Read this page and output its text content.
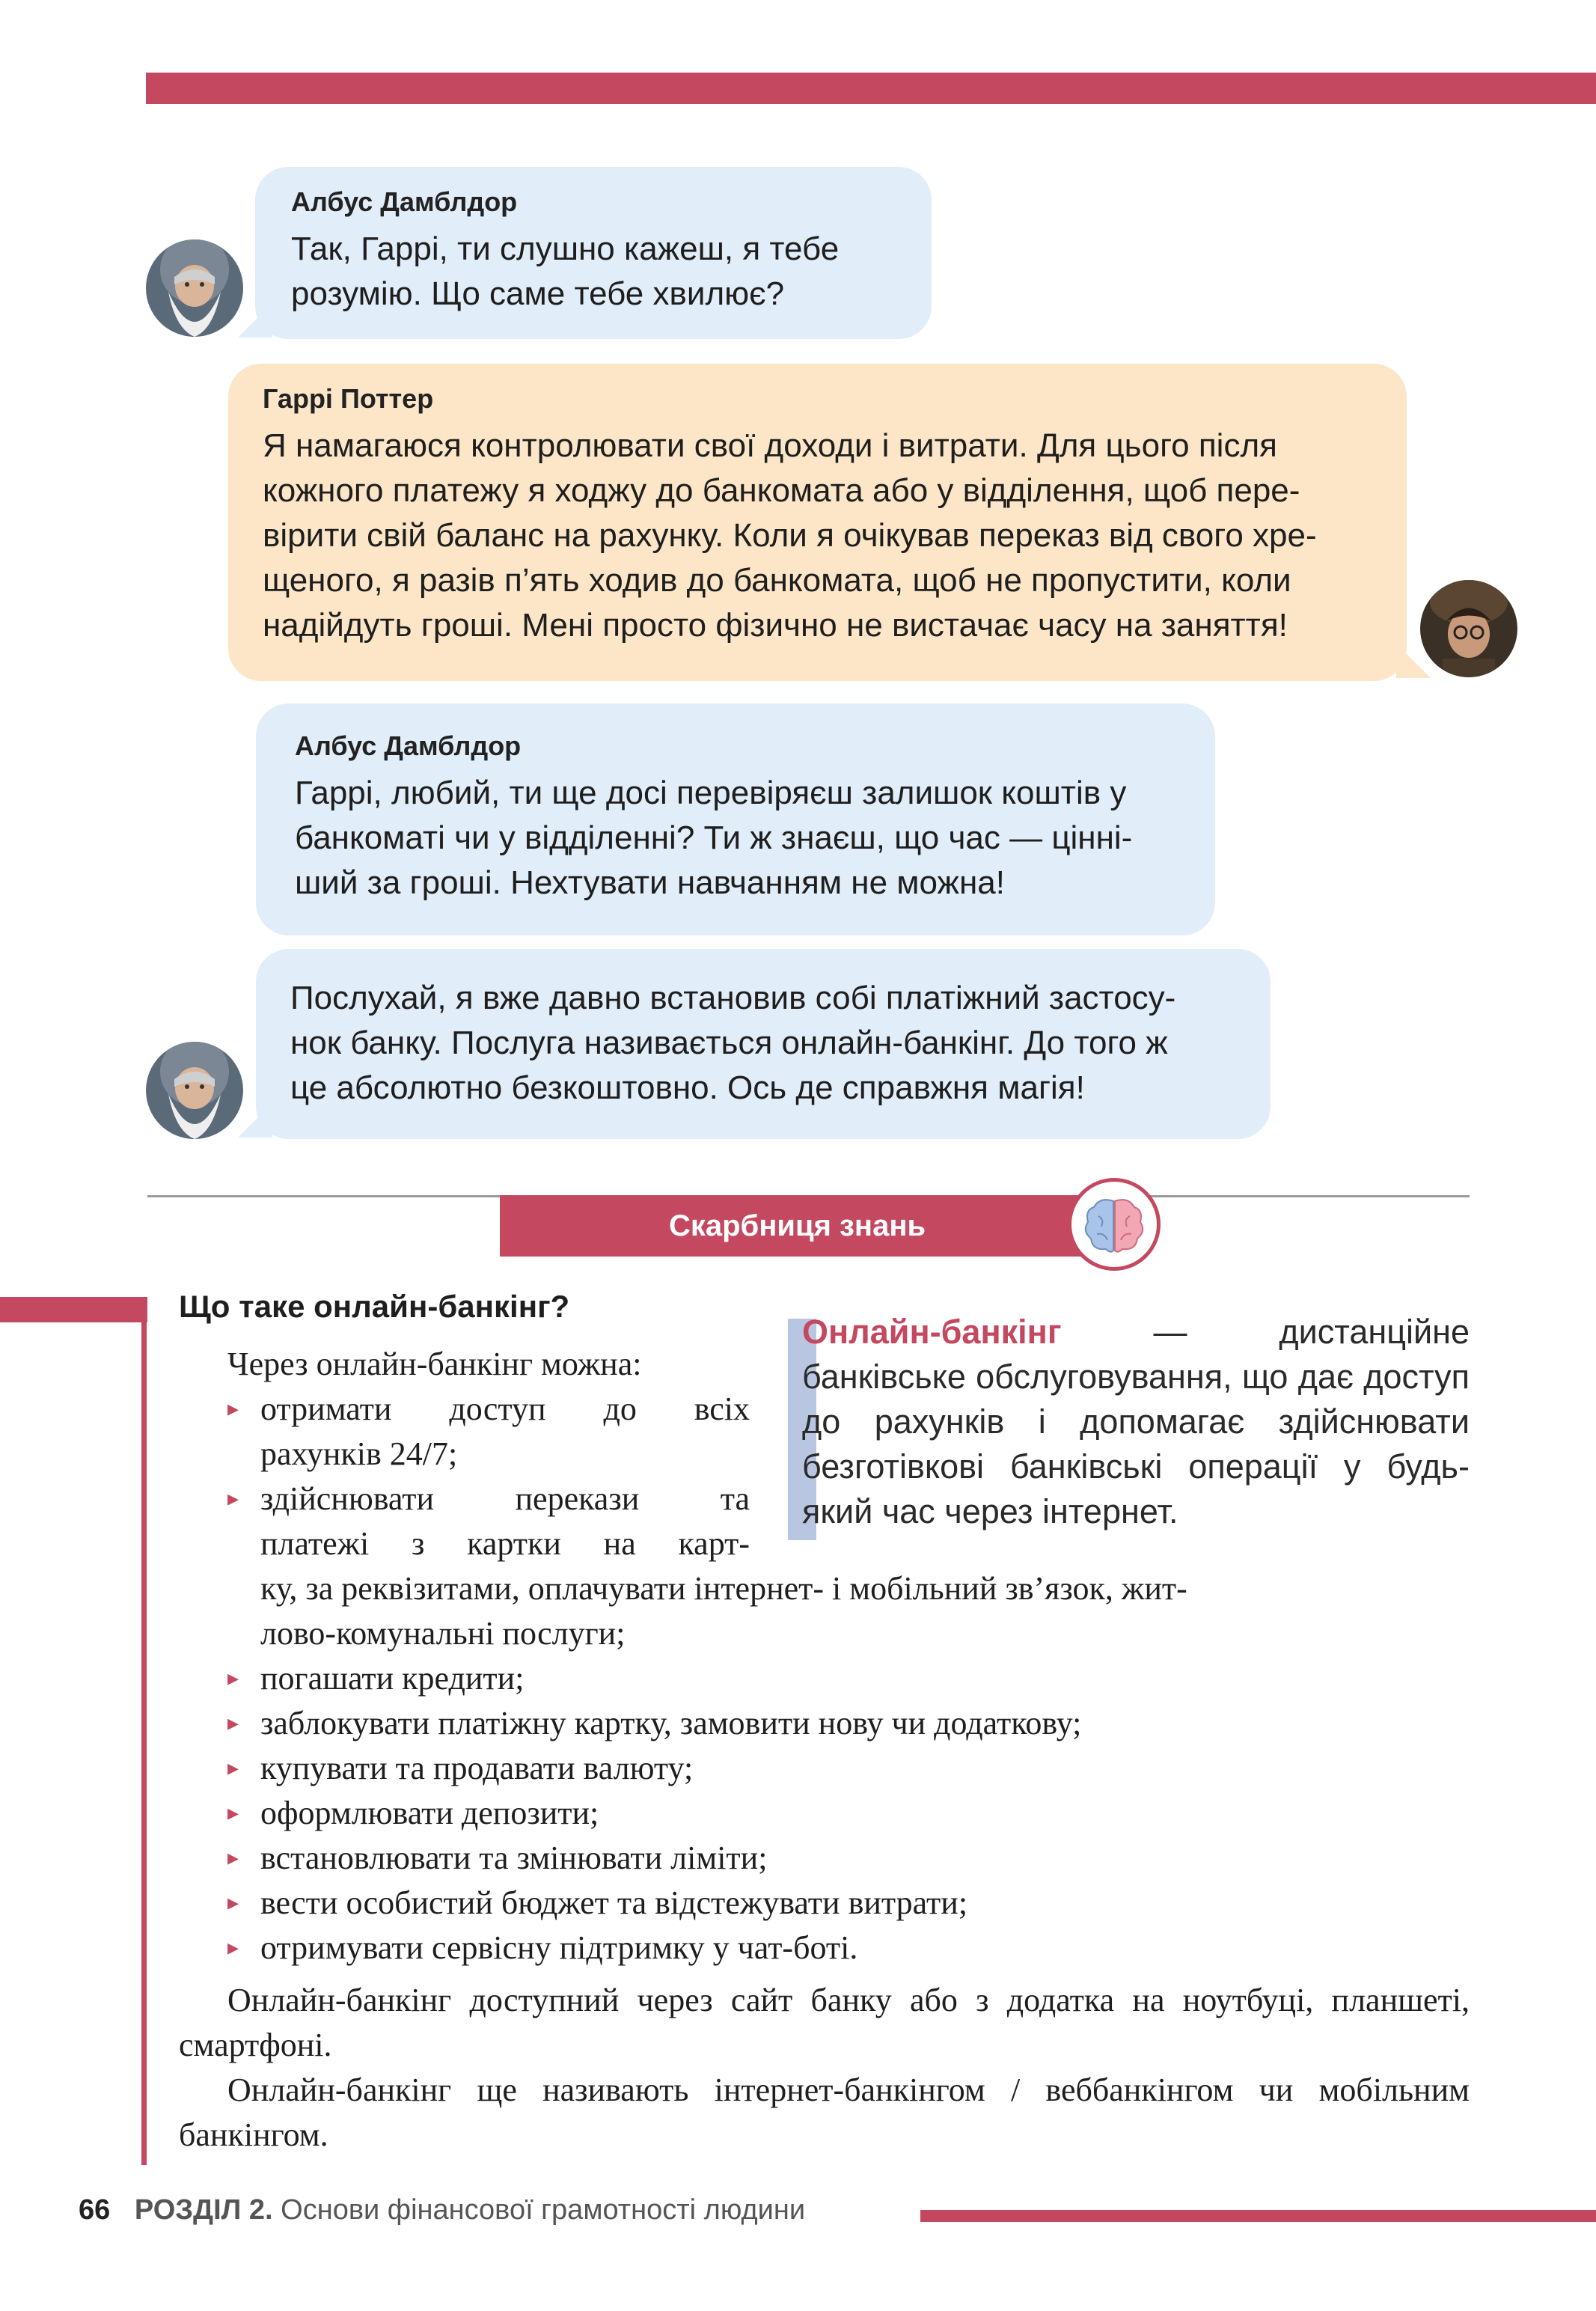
Албус Дамблдор
Так, Гаррі, ти слушно кажеш, я тебе
розумію. Що саме тебе хвилює?
Гаррі Поттер
Я намагаюся контролювати свої доходи і витрати. Для цього після
кожного платежу я ходжу до банкомата або у відділення, щоб пере-
вірити свій баланс на рахунку. Коли я очікував переказ від свого хре-
щеного, я разів п’ять ходив до банкомата, щоб не пропустити, коли
надійдуть гроші. Мені просто фізично не вистачає часу на заняття!
Албус Дамблдор
Гаррі, любий, ти ще досі перевіряєш залишок коштів у
банкоматі чи у відділенні? Ти ж знаєш, що час — цінні-
ший за гроші. Нехтувати навчанням не можна!
Послухай, я вже давно встановив собі платіжний застосу-
нок банку. Послуга називається онлайн-банкінг. До того ж
це абсолютно безкоштовно. Ось де справжня магія!
Скарбниця знань
Що таке онлайн-банкінг?
Онлайн-банкінг — дистанційне банківське обслуговування, що дає доступ до рахунків і допомагає здійснювати безготівкові банківські операції у будь-який час через інтернет.
Через онлайн-банкінг можна:
▸ отримати доступ до всіх
рахунків 24/7;
▸ здійснювати перекази та
платежі з картки на карт-
ку, за реквізитами, оплачувати інтернет- і мобільний зв’язок, жит-
лово-комунальні послуги;
▸ погашати кредити;
▸ заблокувати платіжну картку, замовити нову чи додаткову;
▸ купувати та продавати валюту;
▸ оформлювати депозити;
▸ встановлювати та змінювати ліміти;
▸ вести особистий бюджет та відстежувати витрати;
▸ отримувати сервісну підтримку у чат-боті.
Онлайн-банкінг доступний через сайт банку або з додатка на ноутбуці, планшеті, смартфоні.
Онлайн-банкінг ще називають інтернет-банкінгом / веббанкінгом чи мобільним банкінгом.
66 РОЗДІЛ 2. Основи фінансової грамотності людини
